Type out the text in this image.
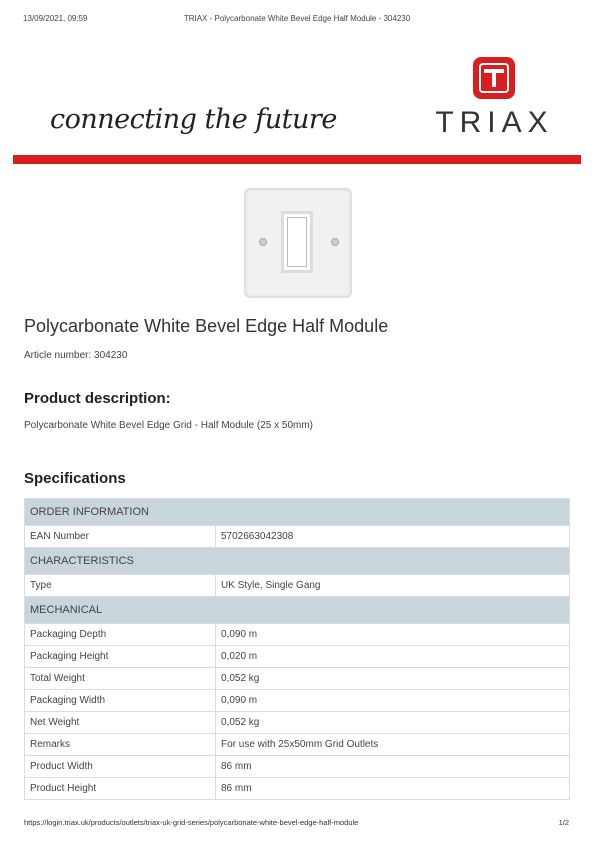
13/09/2021, 09:59	TRIAX - Polycarbonate White Bevel Edge Half Module - 304230
connecting the future	TRIAX
Polycarbonate White Bevel Edge Half Module
Article number: 304230
Product description:
Polycarbonate White Bevel Edge Grid - Half Module (25 x 50mm)
Specifications
ORDER INFORMATION	
EAN Number	5702663042308
CHARACTERISTICS	
Type	UK Style, Single Gang
MECHANICAL	
Packaging Depth	0,090 m
Packaging Height	0,020 m
Total Weight	0,052 kg
Packaging Width	0,090 m
Net Weight	0,052 kg
Remarks	For use with 25x50mm Grid Outlets
Product Width	86 mm
Product Height	86 mm
https://login.triax.uk/products/outlets/triax-uk-grid-series/polycarbonate-white-bevel-edge-half-module	1/2
